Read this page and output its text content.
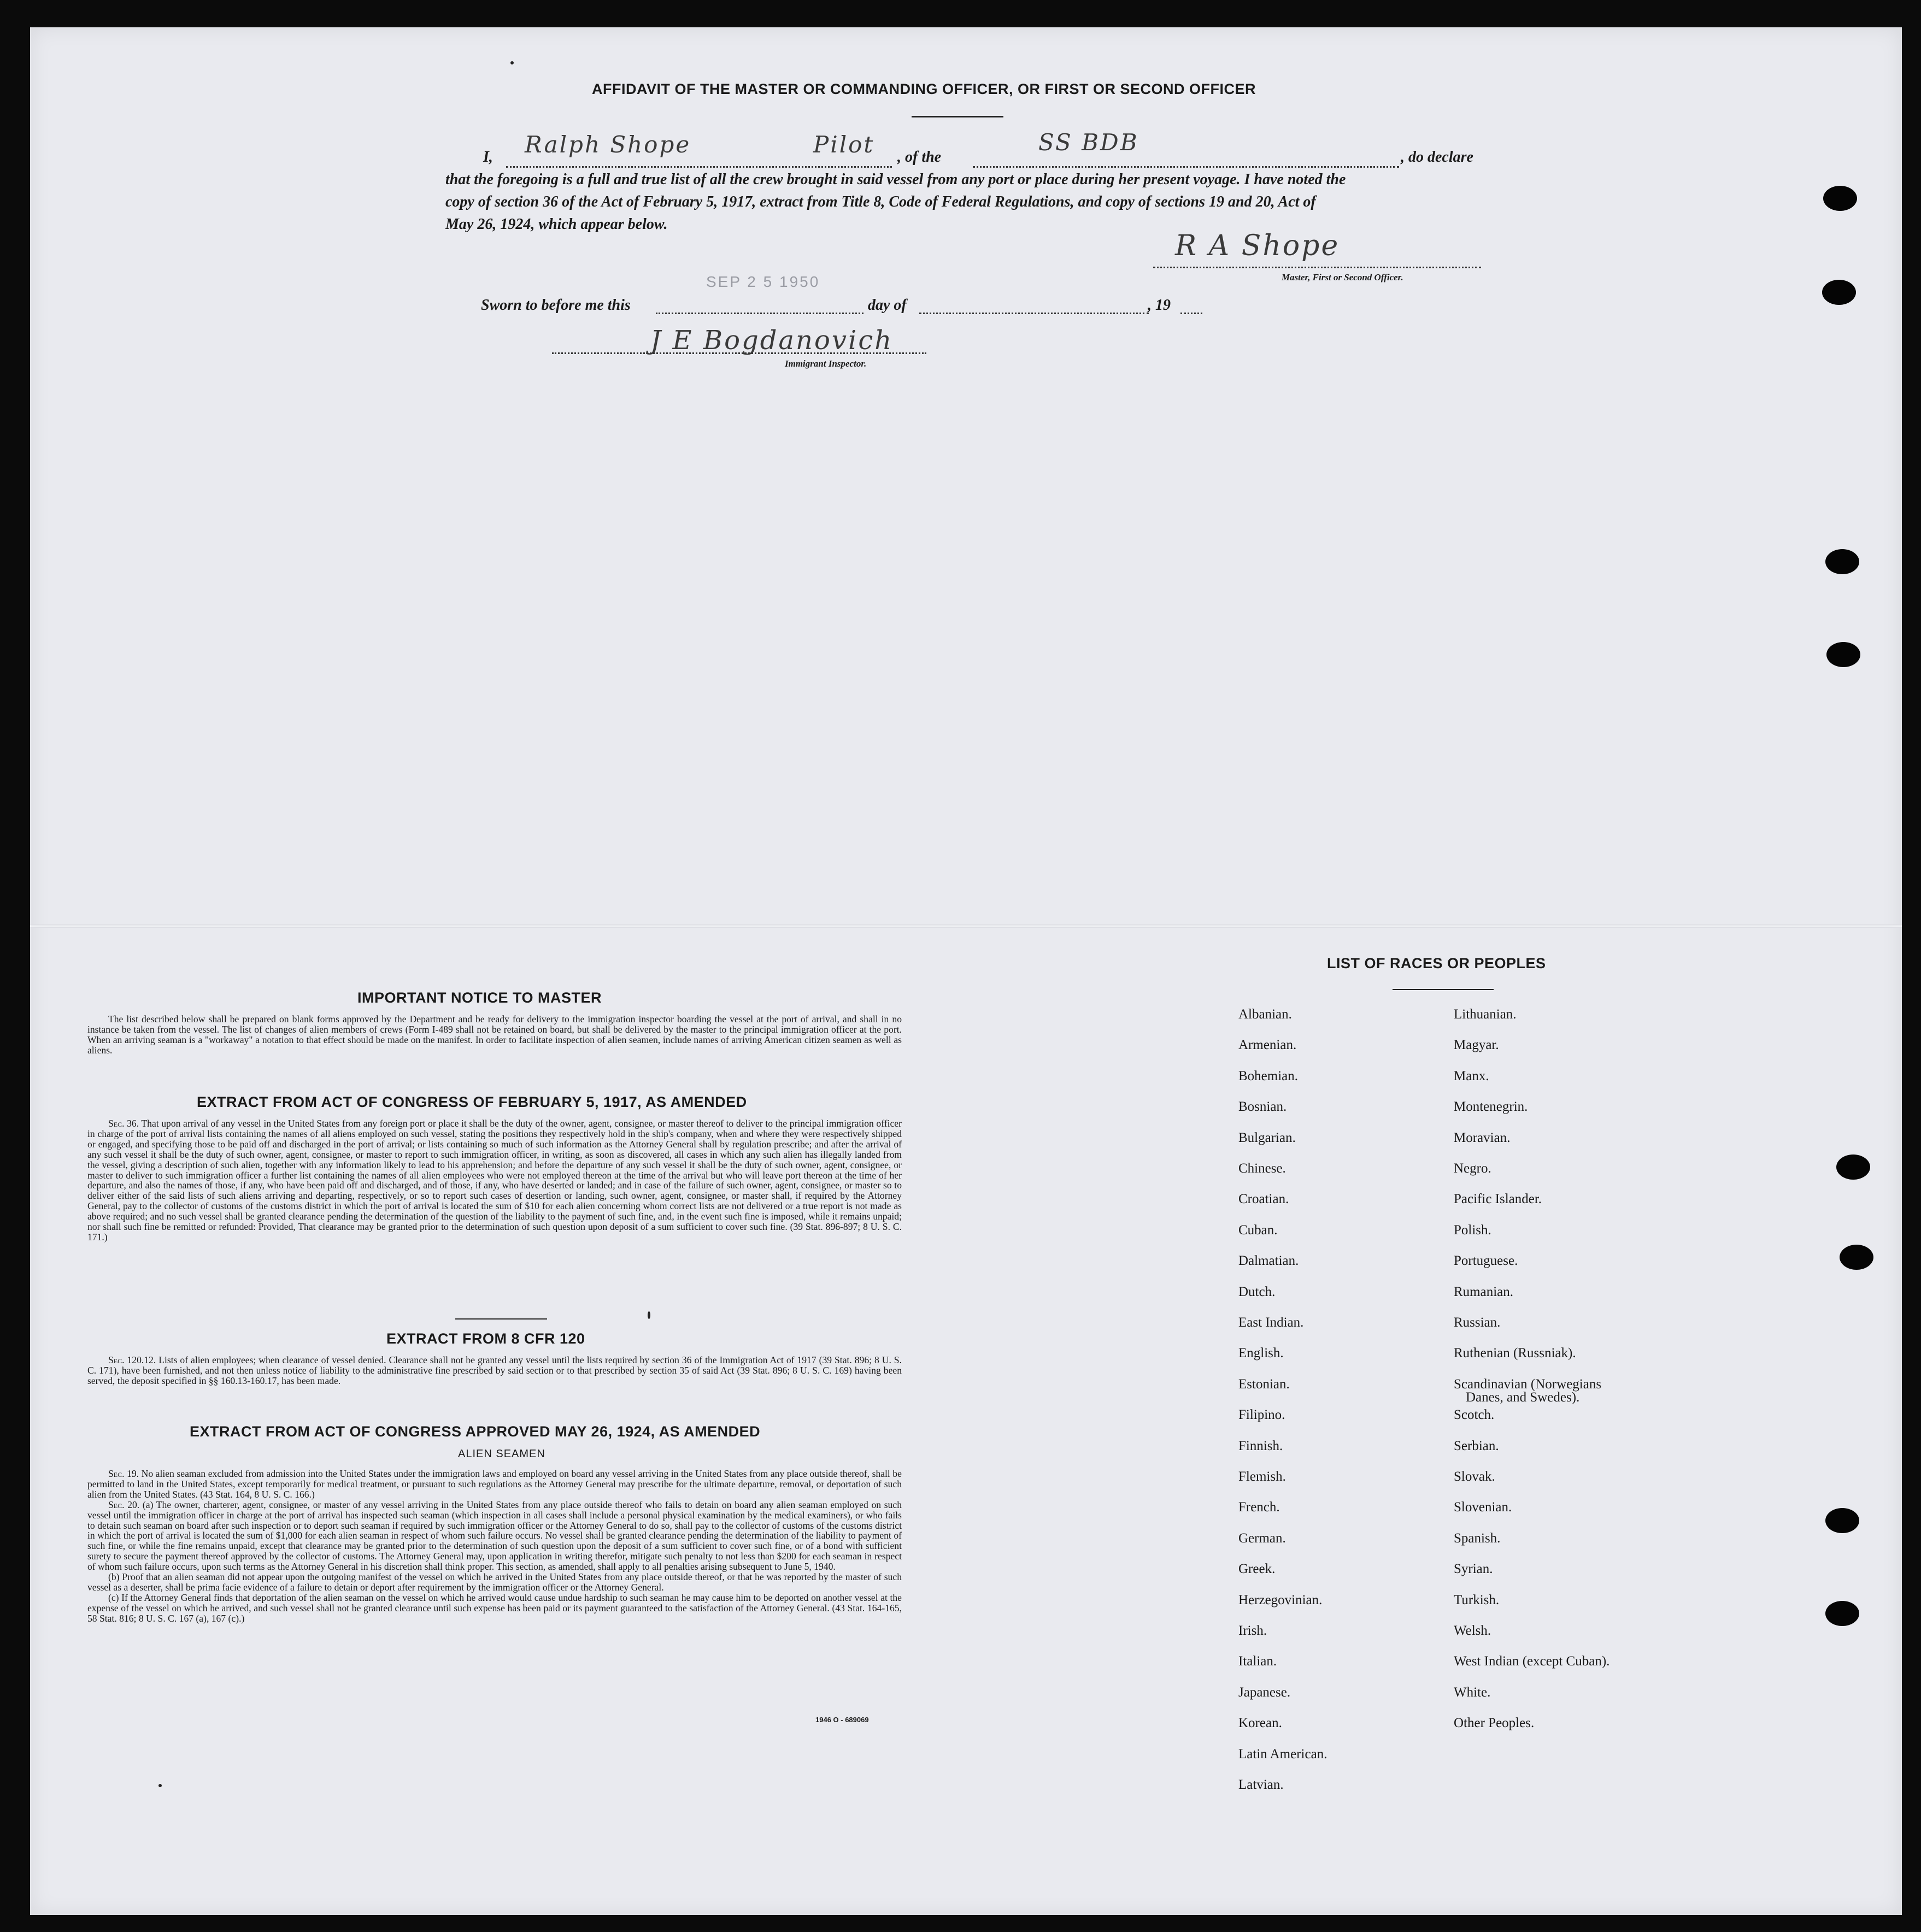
AFFIDAVIT OF THE MASTER OR COMMANDING OFFICER, OR FIRST OR SECOND OFFICER
I, Ralph Shope	Pilot , of the
SS BDB
, do declare
that the foregoing is a full and true list of all the crew brought in said vessel from any port or place during her present voyage. I have noted the
copy of section 36 of the Act of February 5, 1917, extract from Title 8, Code of Federal Regulations, and copy of sections 19 and 20, Act of
May 26, 1924, which appear below.
R A Shope
Master, First or Second Officer.
SEP 2 5 1950
Sworn to before me this	day of	, 19
J E Bogdanovich
Immigrant Inspector.
IMPORTANT NOTICE TO MASTER
The list described below shall be prepared on blank forms approved by the Department and be ready for delivery to the immigration inspector boarding the vessel at the port of arrival, and shall in no instance be taken from the vessel. The list of changes of alien members of crews (Form I-489 shall not be retained on board, but shall be delivered by the master to the principal immigration officer at the port. When an arriving seaman is a "workaway" a notation to that effect should be made on the manifest. In order to facilitate inspection of alien seamen, include names of arriving American citizen seamen as well as aliens.
EXTRACT FROM ACT OF CONGRESS OF FEBRUARY 5, 1917, AS AMENDED
Sec. 36. That upon arrival of any vessel in the United States from any foreign port or place it shall be the duty of the owner, agent, consignee, or master thereof to deliver to the principal immigration officer in charge of the port of arrival lists containing the names of all aliens employed on such vessel, stating the positions they respectively hold in the ship's company, when and where they were respectively shipped or engaged, and specifying those to be paid off and discharged in the port of arrival; or lists containing so much of such information as the Attorney General shall by regulation prescribe; and after the arrival of any such vessel it shall be the duty of such owner, agent, consignee, or master to report to such immigration officer, in writing, as soon as discovered, all cases in which any such alien has illegally landed from the vessel, giving a description of such alien, together with any information likely to lead to his apprehension; and before the departure of any such vessel it shall be the duty of such owner, agent, consignee, or master to deliver to such immigration officer a further list containing the names of all alien employees who were not employed thereon at the time of the arrival but who will leave port thereon at the time of her departure, and also the names of those, if any, who have been paid off and discharged, and of those, if any, who have deserted or landed; and in case of the failure of such owner, agent, consignee, or master so to deliver either of the said lists of such aliens arriving and departing, respectively, or so to report such cases of desertion or landing, such owner, agent, consignee, or master shall, if required by the Attorney General, pay to the collector of customs of the customs district in which the port of arrival is located the sum of $10 for each alien concerning whom correct lists are not delivered or a true report is not made as above required; and no such vessel shall be granted clearance pending the determination of the question of the liability to the payment of such fine, and, in the event such fine is imposed, while it remains unpaid; nor shall such fine be remitted or refunded: Provided, That clearance may be granted prior to the determination of such question upon deposit of a sum sufficient to cover such fine. (39 Stat. 896-897; 8 U. S. C. 171.)
EXTRACT FROM 8 CFR 120
Sec. 120.12. Lists of alien employees; when clearance of vessel denied. Clearance shall not be granted any vessel until the lists required by section 36 of the Immigration Act of 1917 (39 Stat. 896; 8 U. S. C. 171), have been furnished, and not then unless notice of liability to the administrative fine prescribed by said section or to that prescribed by section 35 of said Act (39 Stat. 896; 8 U. S. C. 169) having been served, the deposit specified in §§ 160.13-160.17, has been made.
EXTRACT FROM ACT OF CONGRESS APPROVED MAY 26, 1924, AS AMENDED
ALIEN SEAMEN
Sec. 19. No alien seaman excluded from admission into the United States under the immigration laws and employed on board any vessel arriving in the United States from any place outside thereof, shall be permitted to land in the United States, except temporarily for medical treatment, or pursuant to such regulations as the Attorney General may prescribe for the ultimate departure, removal, or deportation of such alien from the United States. (43 Stat. 164, 8 U. S. C. 166.)
Sec. 20. (a) The owner, charterer, agent, consignee, or master of any vessel arriving in the United States from any place outside thereof who fails to detain on board any alien seaman employed on such vessel until the immigration officer in charge at the port of arrival has inspected such seaman (which inspection in all cases shall include a personal physical examination by the medical examiners), or who fails to detain such seaman on board after such inspection or to deport such seaman if required by such immigration officer or the Attorney General to do so, shall pay to the collector of customs of the customs district in which the port of arrival is located the sum of $1,000 for each alien seaman in respect of whom such failure occurs. No vessel shall be granted clearance pending the determination of the liability to payment of such fine, or while the fine remains unpaid, except that clearance may be granted prior to the determination of such question upon the deposit of a sum sufficient to cover such fine, or of a bond with sufficient surety to secure the payment thereof approved by the collector of customs. The Attorney General may, upon application in writing therefor, mitigate such penalty to not less than $200 for each seaman in respect of whom such failure occurs, upon such terms as the Attorney General in his discretion shall think proper. This section, as amended, shall apply to all penalties arising subsequent to June 5, 1940.
(b) Proof that an alien seaman did not appear upon the outgoing manifest of the vessel on which he arrived in the United States from any place outside thereof, or that he was reported by the master of such vessel as a deserter, shall be prima facie evidence of a failure to detain or deport after requirement by the immigration officer or the Attorney General.
(c) If the Attorney General finds that deportation of the alien seaman on the vessel on which he arrived would cause undue hardship to such seaman he may cause him to be deported on another vessel at the expense of the vessel on which he arrived, and such vessel shall not be granted clearance until such expense has been paid or its payment guaranteed to the satisfaction of the Attorney General. (43 Stat. 164-165, 58 Stat. 816; 8 U. S. C. 167 (a), 167 (c).)
1946 O - 689069
LIST OF RACES OR PEOPLES
Albanian.
Armenian.
Bohemian.
Bosnian.
Bulgarian.
Chinese.
Croatian.
Cuban.
Dalmatian.
Dutch.
East Indian.
English.
Estonian.
Filipino.
Finnish.
Flemish.
French.
German.
Greek.
Herzegovinian.
Irish.
Italian.
Japanese.
Korean.
Latin American.
Latvian.
Lithuanian.
Magyar.
Manx.
Montenegrin.
Moravian.
Negro.
Pacific Islander.
Polish.
Portuguese.
Rumanian.
Russian.
Ruthenian (Russniak).
Scandinavian (Norwegians
Danes, and Swedes).
Scotch.
Serbian.
Slovak.
Slovenian.
Spanish.
Syrian.
Turkish.
Welsh.
West Indian (except Cuban).
White.
Other Peoples.
